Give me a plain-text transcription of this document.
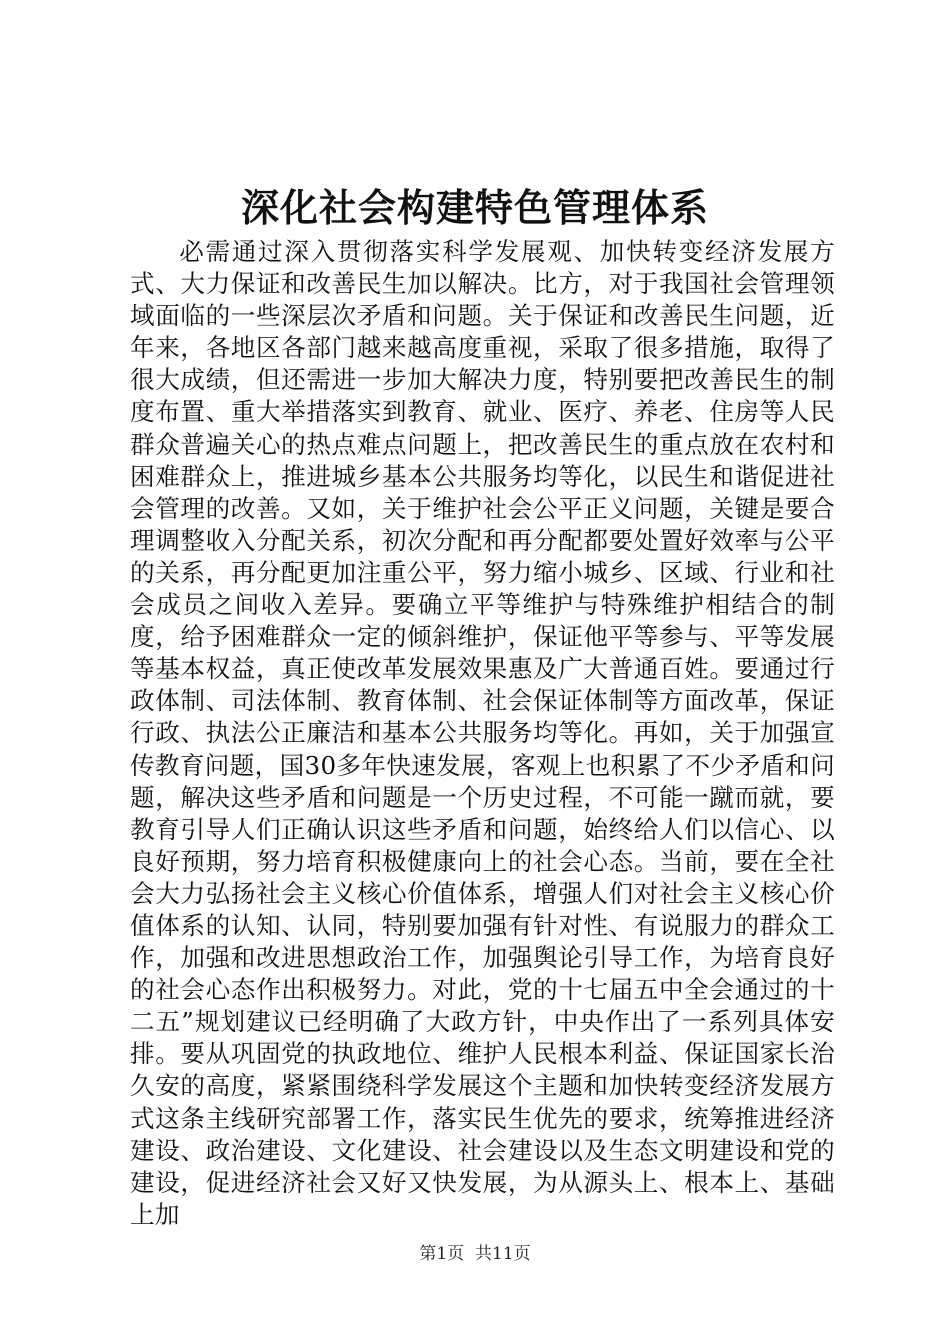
深化社会构建特色管理体系

必需通过深入贯彻落实科学发展观、加快转变经济发展方式、大力保证和改善民生加以解决。比方，对于我国社会管理领域面临的一些深层次矛盾和问题。关于保证和改善民生问题，近年来，各地区各部门越来越高度重视，采取了很多措施，取得了很大成绩，但还需进一步加大解决力度，特别要把改善民生的制度布置、重大举措落实到教育、就业、医疗、养老、住房等人民群众普遍关心的热点难点问题上，把改善民生的重点放在农村和困难群众上，推进城乡基本公共服务均等化，以民生和谐促进社会管理的改善。又如，关于维护社会公平正义问题，关键是要合理调整收入分配关系，初次分配和再分配都要处置好效率与公平的关系，再分配更加注重公平，努力缩小城乡、区域、行业和社会成员之间收入差异。要确立平等维护与特殊维护相结合的制度，给予困难群众一定的倾斜维护，保证他平等参与、平等发展等基本权益，真正使改革发展效果惠及广大普通百姓。要通过行政体制、司法体制、教育体制、社会保证体制等方面改革，保证行政、执法公正廉洁和基本公共服务均等化。再如，关于加强宣传教育问题，国30多年快速发展，客观上也积累了不少矛盾和问题，解决这些矛盾和问题是一个历史过程，不可能一蹴而就，要教育引导人们正确认识这些矛盾和问题，始终给人们以信心、以良好预期，努力培育积极健康向上的社会心态。当前，要在全社会大力弘扬社会主义核心价值体系，增强人们对社会主义核心价值体系的认知、认同，特别要加强有针对性、有说服力的群众工作，加强和改进思想政治工作，加强舆论引导工作，为培育良好的社会心态作出积极努力。对此，党的十七届五中全会通过的十二五”规划建议已经明确了大政方针，中央作出了一系列具体安排。要从巩固党的执政地位、维护人民根本利益、保证国家长治久安的高度，紧紧围绕科学发展这个主题和加快转变经济发展方式这条主线研究部署工作，落实民生优先的要求，统筹推进经济建设、政治建设、文化建设、社会建设以及生态文明建设和党的建设，促进经济社会又好又快发展，为从源头上、根本上、基础上加

第1页 共11页
